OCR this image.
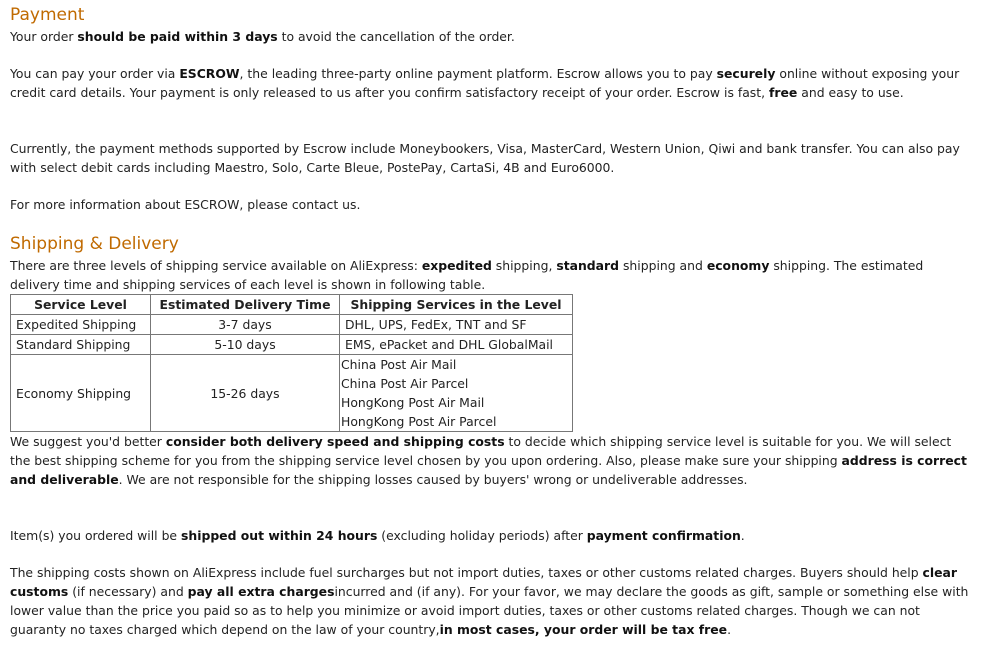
Payment

Your order should be paid within 3 days to avoid the cancellation of the order.

You can pay your order via ESCROW, the leading three-party online payment platform. Escrow allows you to pay securely online without exposing your credit card details. Your payment is only released to us after you confirm satisfactory receipt of your order. Escrow is fast, free and easy to use.

Currently, the payment methods supported by Escrow include Moneybookers, Visa, MasterCard, Western Union, Qiwi and bank transfer. You can also pay with select debit cards including Maestro, Solo, Carte Bleue, PostePay, CartaSi, 4B and Euro6000.

For more information about ESCROW, please contact us.

Shipping & Delivery

There are three levels of shipping service available on AliExpress: expedited shipping, standard shipping and economy shipping. The estimated delivery time and shipping services of each level is shown in following table.

Service Level	Estimated Delivery Time	Shipping Services in the Level
Expedited Shipping	3-7 days	DHL, UPS, FedEx, TNT and SF
Standard Shipping	5-10 days	EMS, ePacket and DHL GlobalMail
Economy Shipping	15-26 days	China Post Air Mail
China Post Air Parcel
HongKong Post Air Mail
HongKong Post Air Parcel

We suggest you'd better consider both delivery speed and shipping costs to decide which shipping service level is suitable for you. We will select the best shipping scheme for you from the shipping service level chosen by you upon ordering. Also, please make sure your shipping address is correct and deliverable. We are not responsible for the shipping losses caused by buyers' wrong or undeliverable addresses.

Item(s) you ordered will be shipped out within 24 hours (excluding holiday periods) after payment confirmation.

The shipping costs shown on AliExpress include fuel surcharges but not import duties, taxes or other customs related charges. Buyers should help clear customs (if necessary) and pay all extra chargesincurred and (if any). For your favor, we may declare the goods as gift, sample or something else with lower value than the price you paid so as to help you minimize or avoid import duties, taxes or other customs related charges. Though we can not guaranty no taxes charged which depend on the law of your country,in most cases, your order will be tax free.
